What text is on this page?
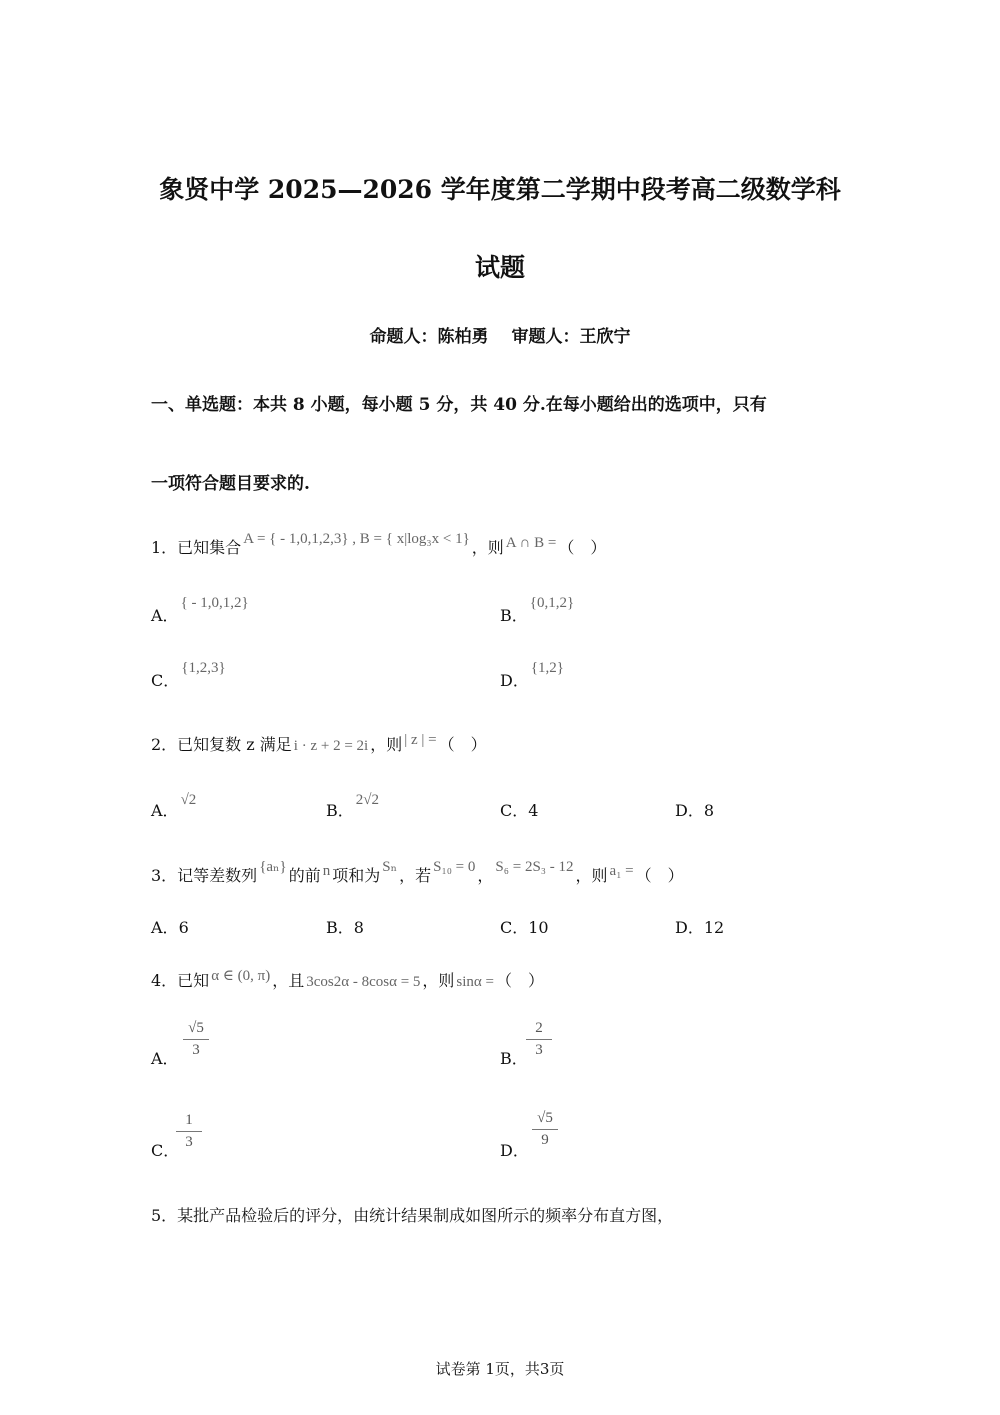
象贤中学 2025—2026 学年度第二学期中段考高二级数学科
试题
命题人：陈柏勇　 审题人：王欣宁
一、单选题：本共 8 小题，每小题 5 分，共 40 分.在每小题给出的选项中，只有
一项符合题目要求的.
1．已知集合 A = { - 1,0,1,2,3} , B = { x|log₃x < 1} ，则 A ∩ B = （　）
A．{ - 1,0,1,2}
B．{0,1,2}
C．{1,2,3}
D．{1,2}
2．已知复数 z 满足 i · z + 2 = 2i ，则 | z | = （　）
A．√2
B．2√2
C．4	D．8
3．记等差数列 {aₙ} 的前 n 项和为 Sₙ ，若 S₁₀ = 0 ， S₆ = 2S₃ - 12 ，则 a₁ = （　）
A．6	B．8	C．10	D．12
4．已知 α ∈ (0, π) ，且 3cos2α - 8cosα = 5 ，则 sinα = （　）
A． $\frac{√5}{3}$	B．
$\frac{2}{3}$
C．
$\frac{1}{3}$	D．
$\frac{√5}{9}$
5．某批产品检验后的评分，由统计结果制成如图所示的频率分布直方图，
试卷第 1页，共3页
